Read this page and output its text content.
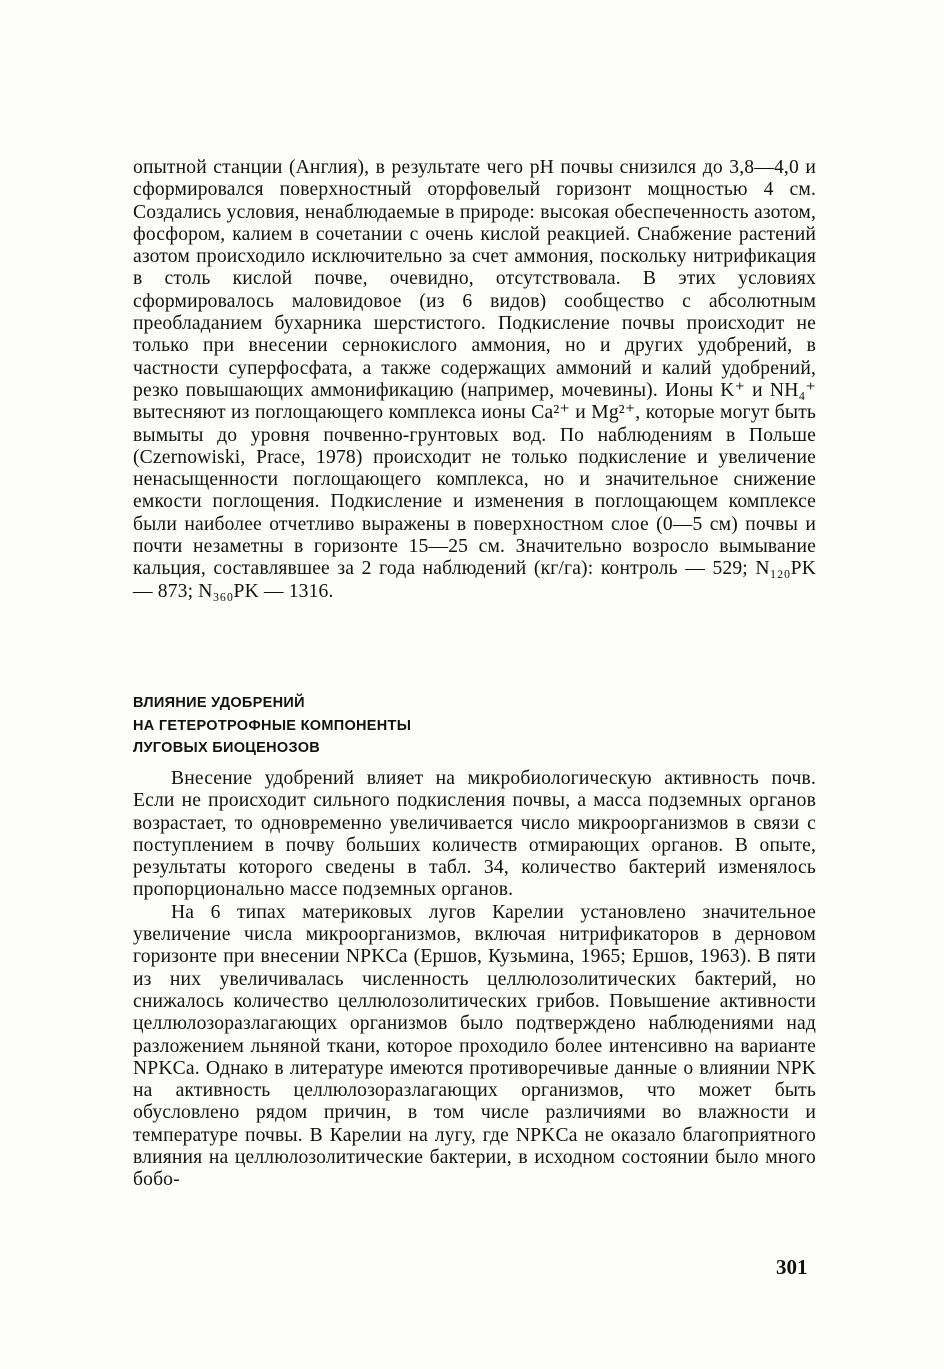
опытной станции (Англия), в результате чего pH почвы снизился до 3,8—4,0 и сформировался поверхностный оторфовелый горизонт мощностью 4 см. Создались условия, ненаблюдаемые в природе: высокая обеспеченность азотом, фосфором, калием в сочетании с очень кислой реакцией. Снабжение растений азотом происходило исключительно за счет аммония, поскольку нитрификация в столь кислой почве, очевидно, отсутствовала. В этих условиях сформировалось маловидовое (из 6 видов) сообщество с абсолютным преобладанием бухарника шерстистого. Подкисление почвы происходит не только при внесении сернокислого аммония, но и других удобрений, в частности суперфосфата, а также содержащих аммоний и калий удобрений, резко повышающих аммонификацию (например, мочевины). Ионы K⁺ и NH₄⁺ вытесняют из поглощающего комплекса ионы Ca²⁺ и Mg²⁺, которые могут быть вымыты до уровня почвенно-грунтовых вод. По наблюдениям в Польше (Czernowiski, Prace, 1978) происходит не только подкисление и увеличение ненасыщенности поглощающего комплекса, но и значительное снижение емкости поглощения. Подкисление и изменения в поглощающем комплексе были наиболее отчетливо выражены в поверхностном слое (0—5 см) почвы и почти незаметны в горизонте 15—25 см. Значительно возросло вымывание кальция, составлявшее за 2 года наблюдений (кг/га): контроль — 529; N₁₂₀PK — 873; N₃₆₀PK — 1316.

ВЛИЯНИЕ УДОБРЕНИЙ
НА ГЕТЕРОТРОФНЫЕ КОМПОНЕНТЫ
ЛУГОВЫХ БИОЦЕНОЗОВ

Внесение удобрений влияет на микробиологическую активность почв. Если не происходит сильного подкисления почвы, а масса подземных органов возрастает, то одновременно увеличивается число микроорганизмов в связи с поступлением в почву больших количеств отмирающих органов. В опыте, результаты которого сведены в табл. 34, количество бактерий изменялось пропорционально массе подземных органов.

На 6 типах материковых лугов Карелии установлено значительное увеличение числа микроорганизмов, включая нитрификаторов в дерновом горизонте при внесении NPKCa (Ершов, Кузьмина, 1965; Ершов, 1963). В пяти из них увеличивалась численность целлюлозолитических бактерий, но снижалось количество целлюлозолитических грибов. Повышение активности целлюлозоразлагающих организмов было подтверждено наблюдениями над разложением льняной ткани, которое проходило более интенсивно на варианте NPKCa. Однако в литературе имеются противоречивые данные о влиянии NPK на активность целлюлозоразлагающих организмов, что может быть обусловлено рядом причин, в том числе различиями во влажности и температуре почвы. В Карелии на лугу, где NPKCa не оказало благоприятного влияния на целлюлозолитические бактерии, в исходном состоянии было много бобо-

301
